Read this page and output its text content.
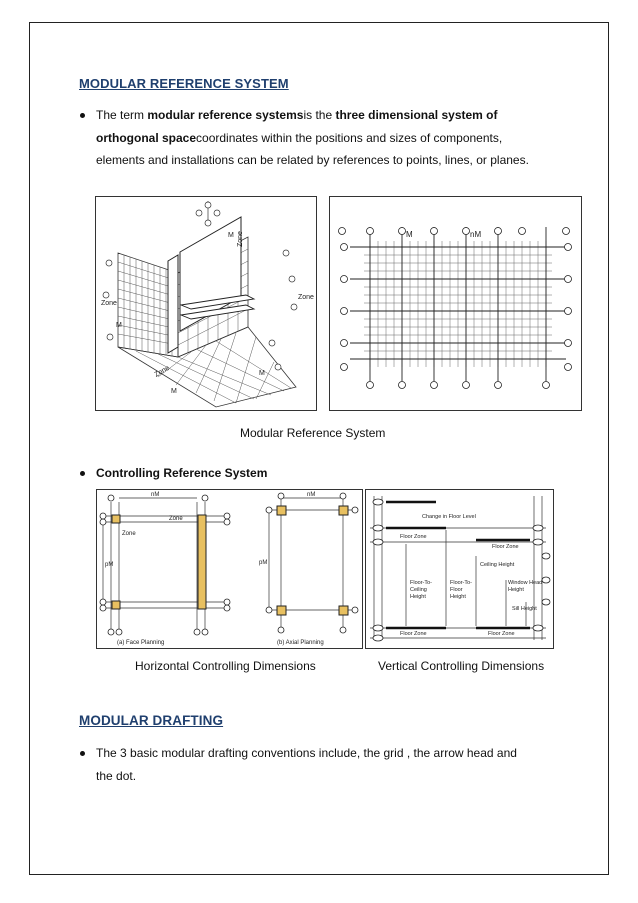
MODULAR REFERENCE SYSTEM
The term modular reference systemsis the three dimensional system of
orthogonal spacecoordinates within the positions and sizes of components,
elements and installations can be related by references to points, lines, or planes.
Zone
Zone
Zone
Zone
M
M
M
M	M	nM
Modular Reference System
Controlling Reference System
nM
Zone
Zone
pM
(a) Face Planning
nM
pM
(b) Axial Planning
Change in Floor Level
Floor Zone
Floor Zone
Ceiling Height
Window Head
Height
Sill Height
Floor-To-
Ceiling
Height
Floor-To-
Floor
Height
Floor Zone	Floor Zone
Horizontal Controlling Dimensions	Vertical Controlling Dimensions
MODULAR DRAFTING
The 3 basic modular drafting conventions include, the grid , the arrow head and
the dot.
